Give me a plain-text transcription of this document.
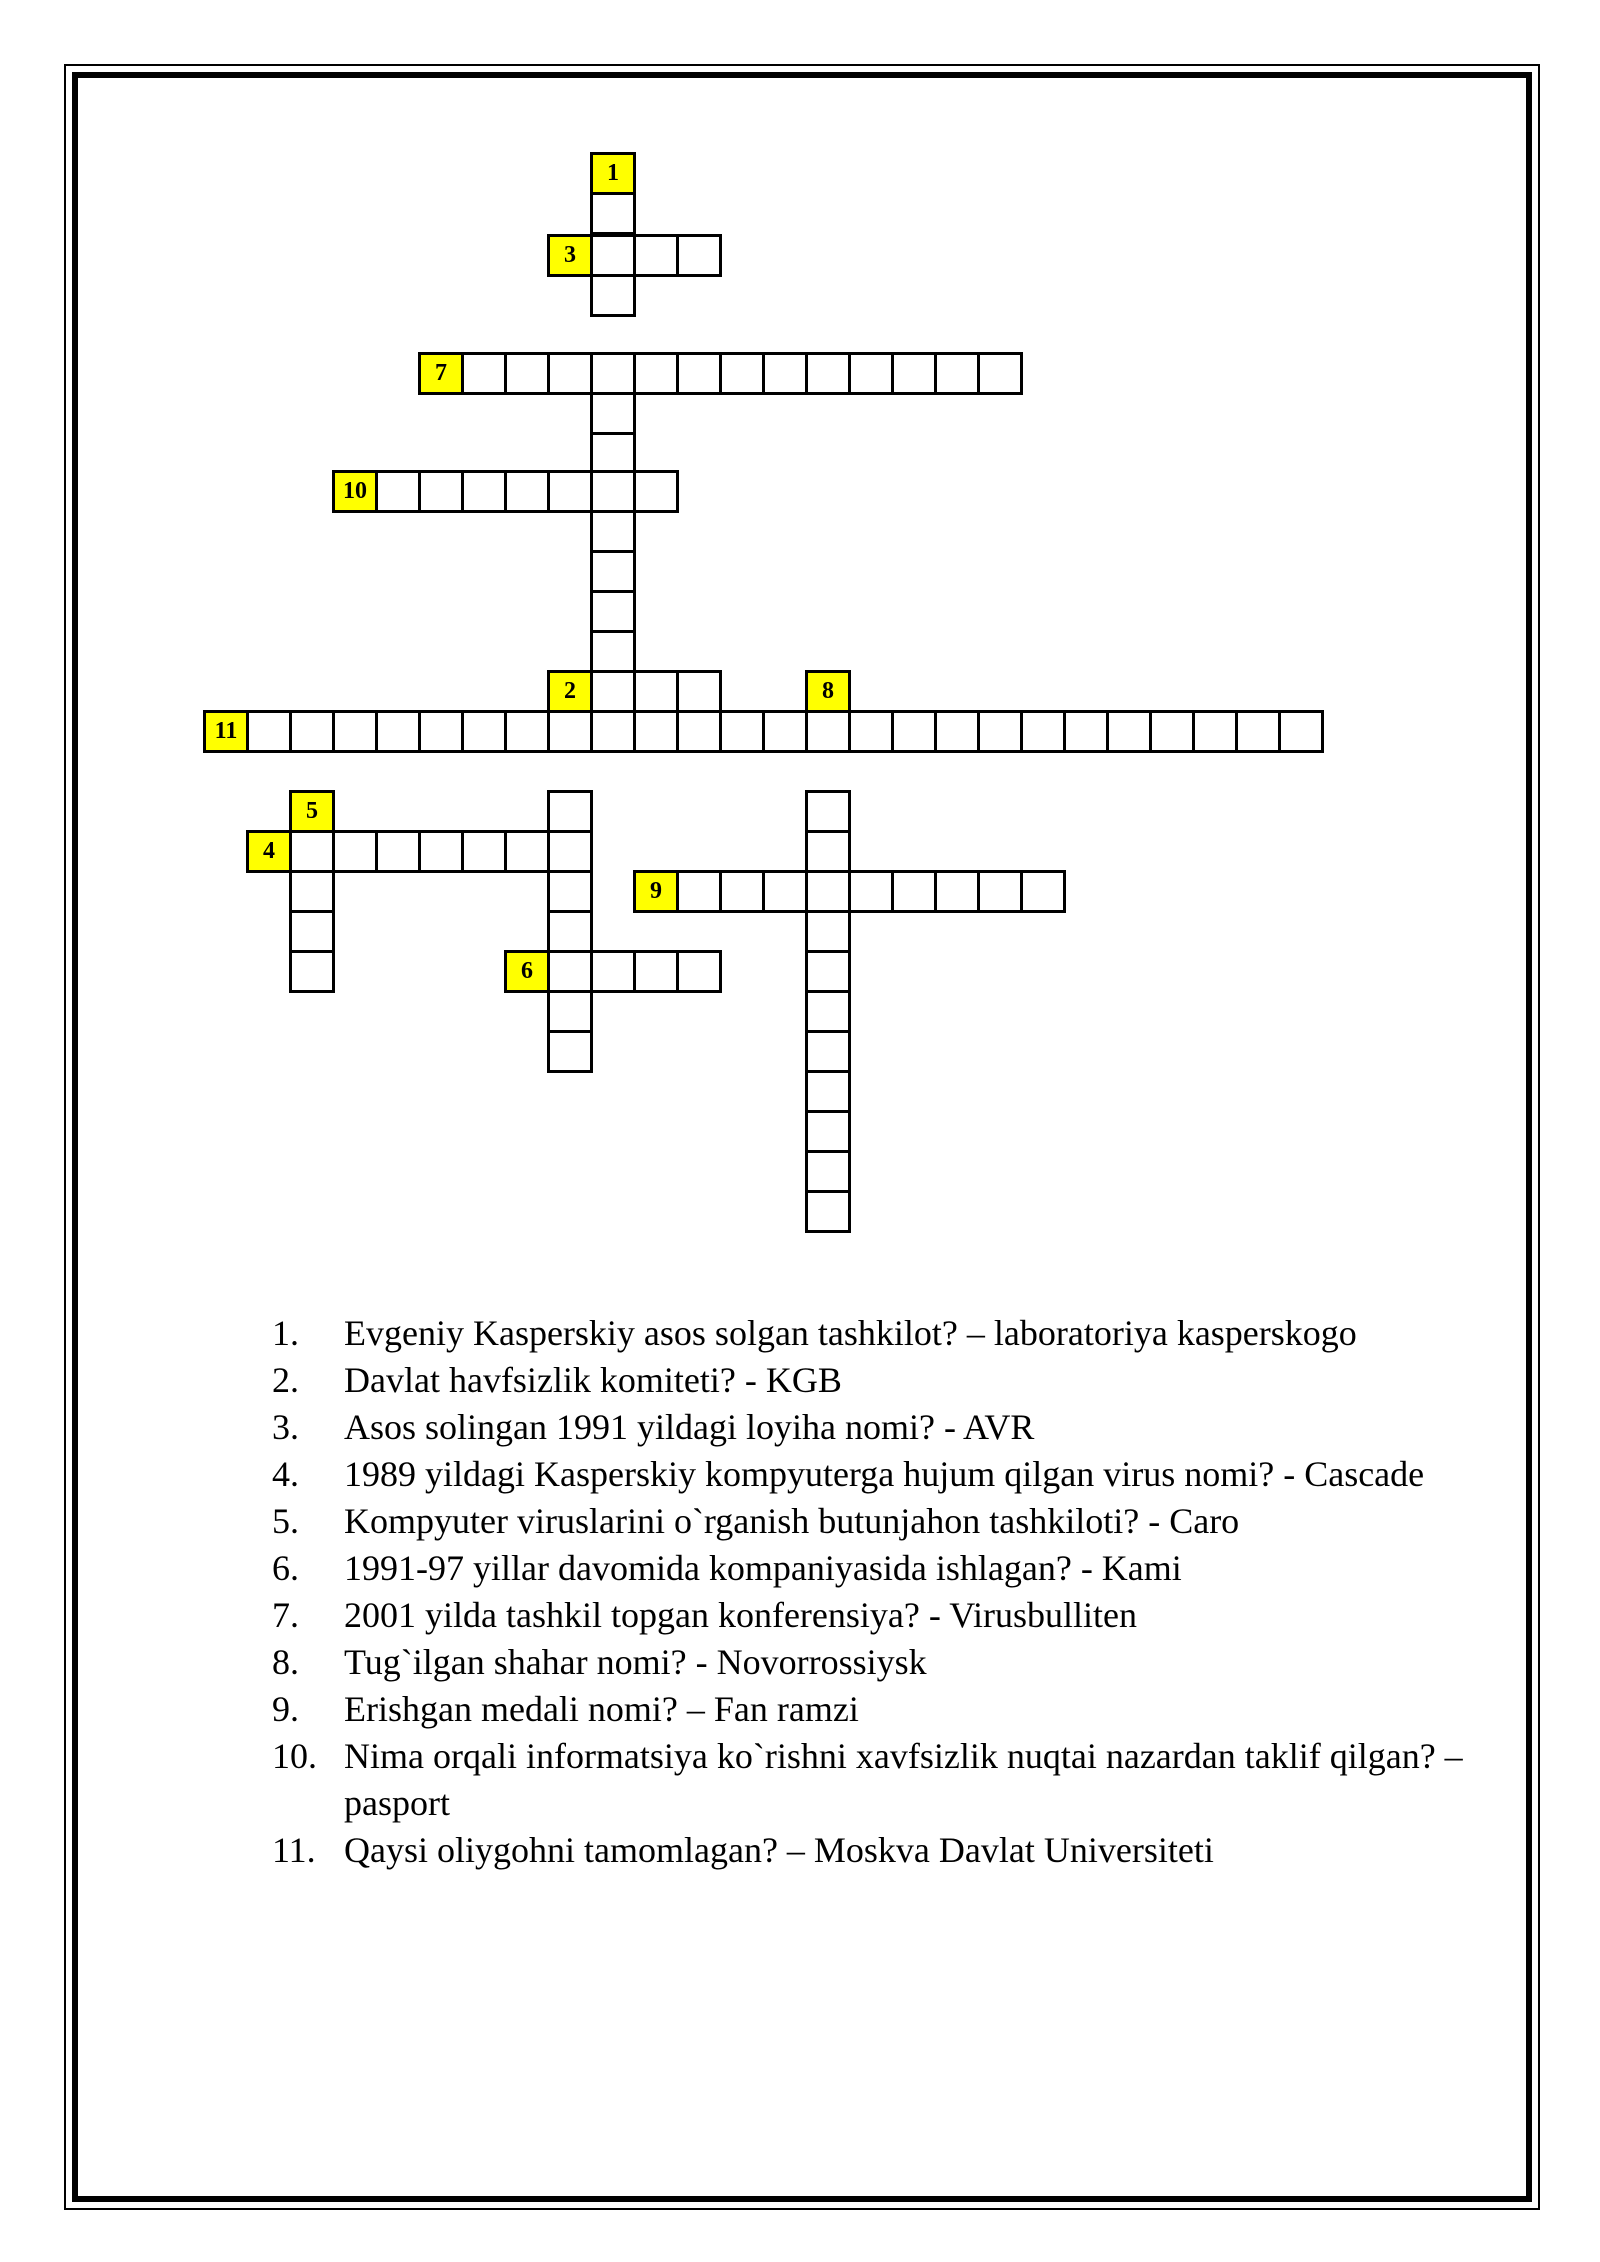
1
3
7
10
2	8
11
5
4
9
6
1.	Evgeniy Kasperskiy asos solgan tashkilot? – laboratoriya kasperskogo
2.	Davlat havfsizlik komiteti? - KGB
3.	Asos solingan 1991 yildagi loyiha nomi? - AVR
4.	1989 yildagi Kasperskiy kompyuterga hujum qilgan virus nomi? - Cascade
5.	Kompyuter viruslarini o`rganish butunjahon tashkiloti? - Caro
6.	1991-97 yillar davomida kompaniyasida ishlagan? - Kami
7.	2001 yilda tashkil topgan konferensiya? - Virusbulliten
8.	Tug`ilgan shahar nomi? - Novorrossiysk
9.	Erishgan medali nomi? – Fan ramzi
10. Nima orqali informatsiya ko`rishni xavfsizlik nuqtai nazardan taklif qilgan? – pasport
11. Qaysi oliygohni tamomlagan? – Moskva Davlat Universiteti
